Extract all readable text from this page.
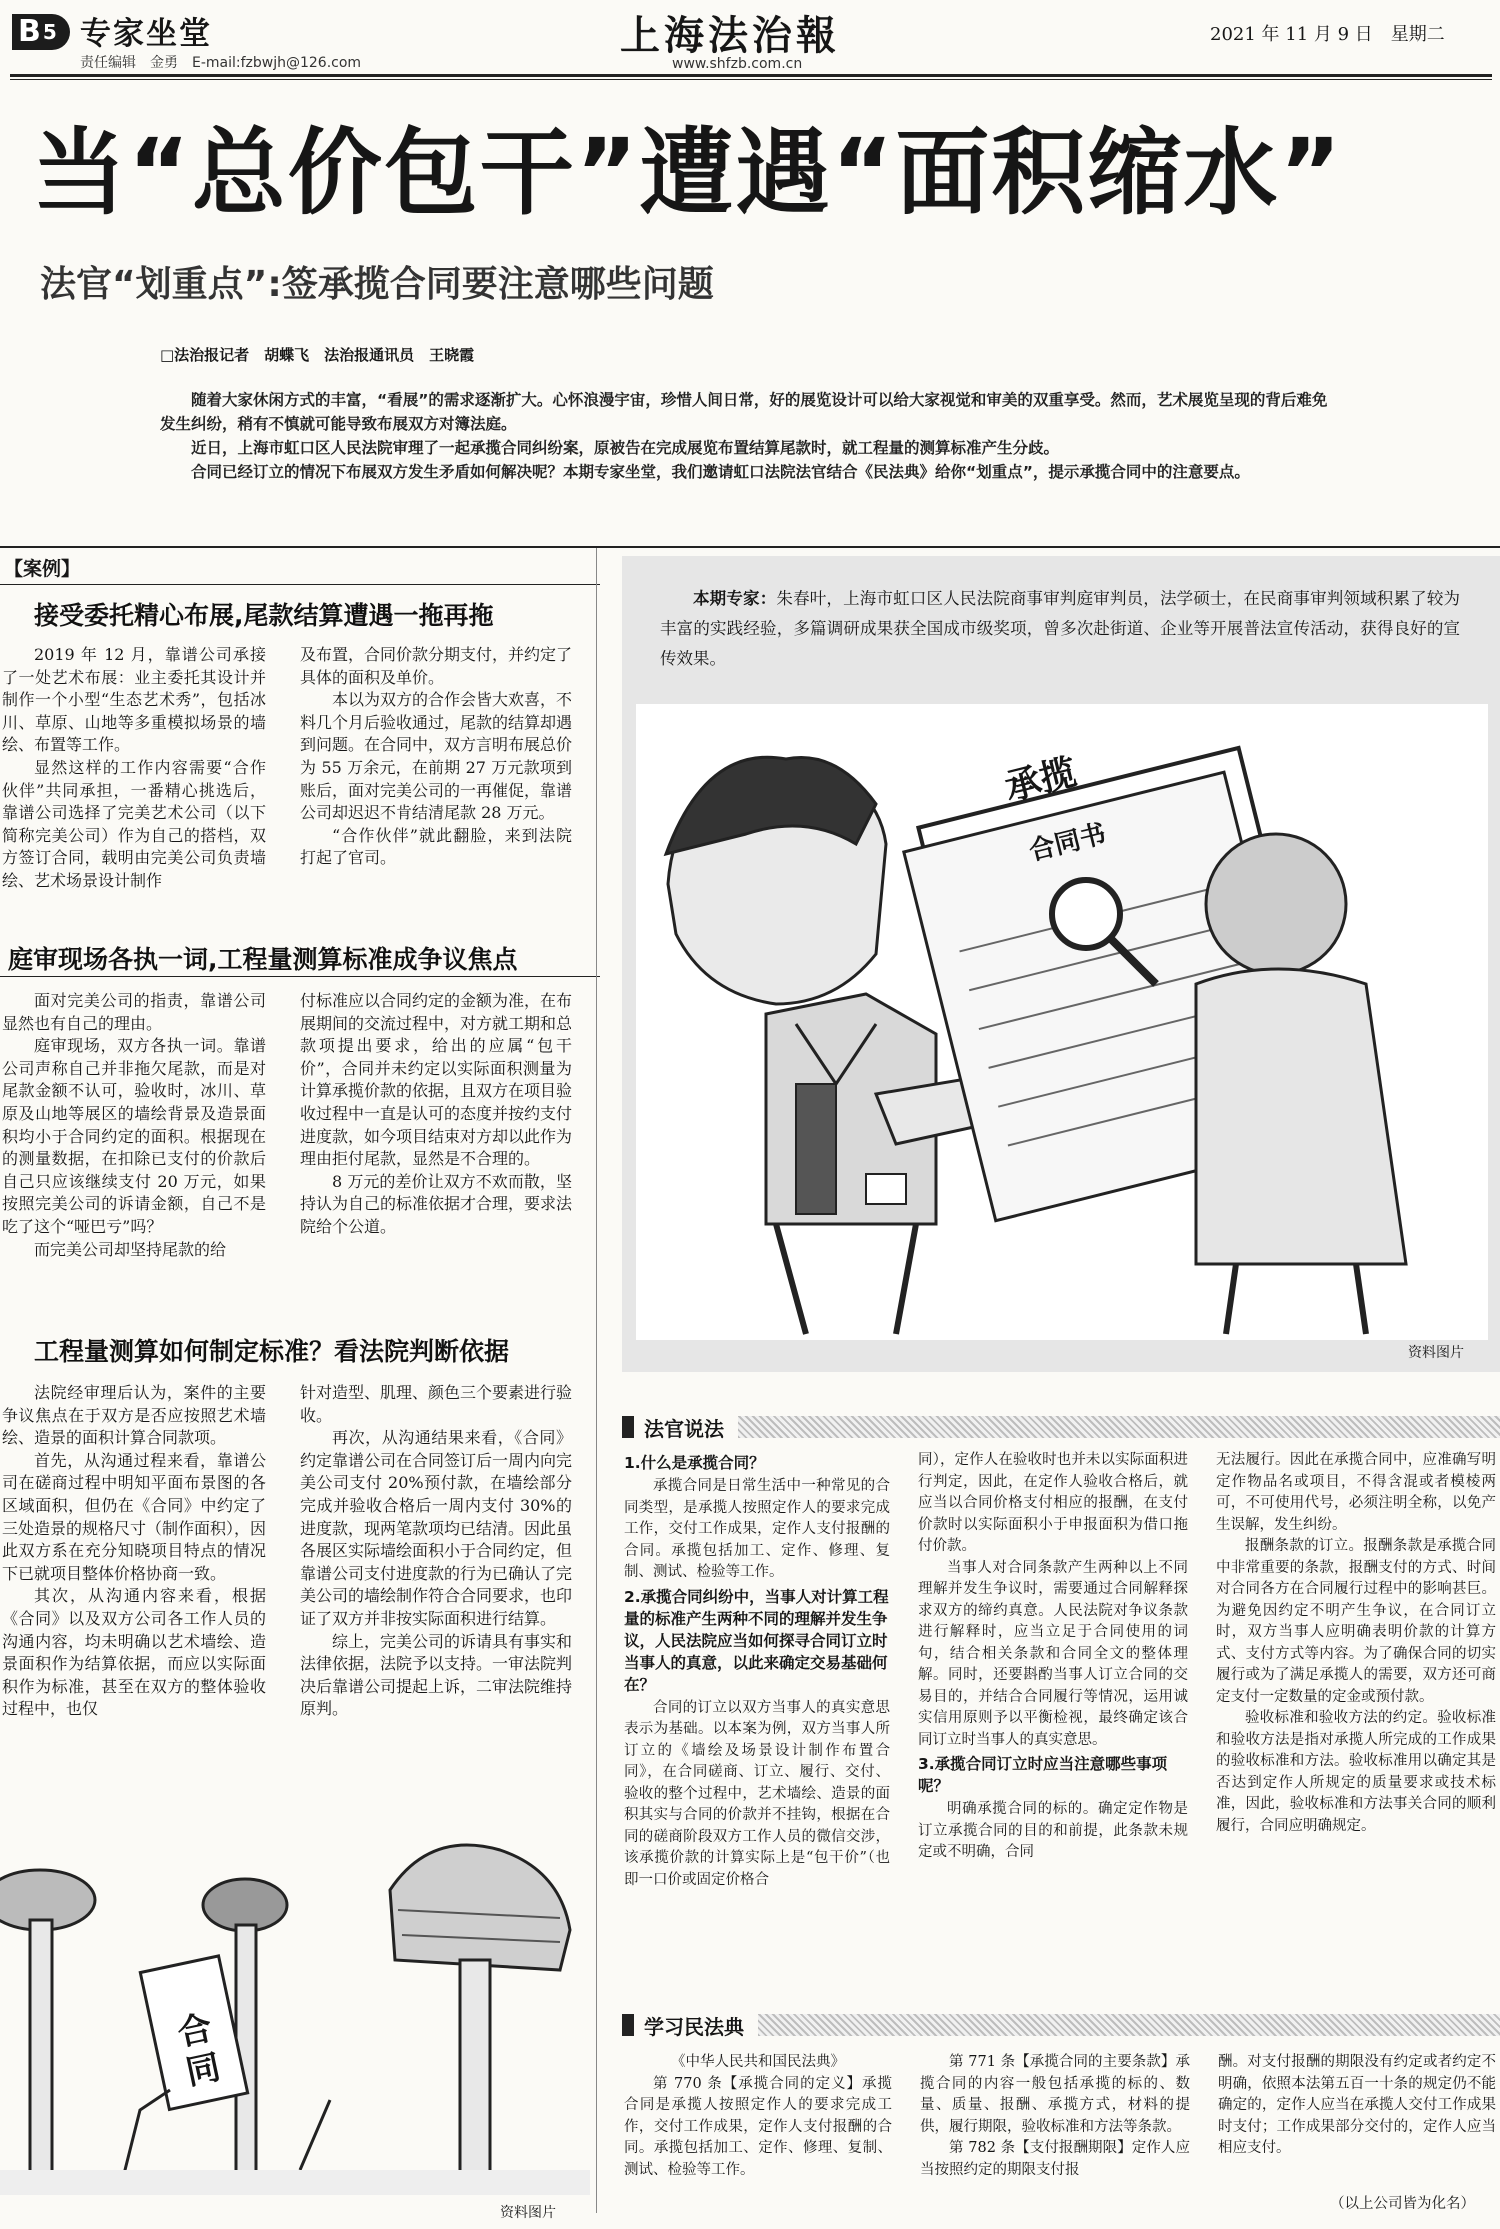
B 5 专家坐堂
责任编辑　金勇　E-mail:fzbwjh@126.com
上海法治報
www.shfzb.com.cn
2021 年 11 月 9 日　星期二
当“总价包干”遭遇“面积缩水”
法官“划重点”:签承揽合同要注意哪些问题
□法治报记者　胡蝶飞　法治报通讯员　王晓霞

随着大家休闲方式的丰富，“看展”的需求逐渐扩大。心怀浪漫宇宙，珍惜人间日常，好的展览设计可以给大家视觉和审美的双重享受。然而，艺术展览呈现的背后难免发生纠纷，稍有不慎就可能导致布展双方对簿法庭。

近日，上海市虹口区人民法院审理了一起承揽合同纠纷案，原被告在完成展览布置结算尾款时，就工程量的测算标准产生分歧。

合同已经订立的情况下布展双方发生矛盾如何解决呢？本期专家坐堂，我们邀请虹口法院法官结合《民法典》给你“划重点”，提示承揽合同中的注意要点。

【案例】
接受委托精心布展,尾款结算遭遇一拖再拖

2019 年 12 月，靠谱公司承接了一处艺术布展：业主委托其设计并制作一个小型“生态艺术秀”，包括冰川、草原、山地等多重模拟场景的墙绘、布置等工作。

显然这样的工作内容需要“合作伙伴”共同承担，一番精心挑选后，靠谱公司选择了完美艺术公司（以下简称完美公司）作为自己的搭档，双方签订合同，载明由完美公司负责墙绘、艺术场景设计制作

及布置，合同价款分期支付，并约定了具体的面积及单价。

本以为双方的合作会皆大欢喜，不料几个月后验收通过，尾款的结算却遇到问题。在合同中，双方言明布展总价为 55 万余元，在前期 27 万元款项到账后，面对完美公司的一再催促，靠谱公司却迟迟不肯结清尾款 28 万元。

“合作伙伴”就此翻脸，来到法院打起了官司。

庭审现场各执一词,工程量测算标准成争议焦点

面对完美公司的指责，靠谱公司显然也有自己的理由。

庭审现场，双方各执一词。靠谱公司声称自己并非拖欠尾款，而是对尾款金额不认可，验收时，冰川、草原及山地等展区的墙绘背景及造景面积均小于合同约定的面积。根据现在的测量数据，在扣除已支付的价款后自己只应该继续支付 20 万元，如果按照完美公司的诉请金额，自己不是吃了这个“哑巴亏”吗？

而完美公司却坚持尾款的给

付标准应以合同约定的金额为准，在布展期间的交流过程中，对方就工期和总款项提出要求，给出的应属“包干价”，合同并未约定以实际面积测量为计算承揽价款的依据，且双方在项目验收过程中一直是认可的态度并按约支付进度款，如今项目结束对方却以此作为理由拒付尾款，显然是不合理的。

8 万元的差价让双方不欢而散，坚持认为自己的标准依据才合理，要求法院给个公道。

工程量测算如何制定标准？看法院判断依据

法院经审理后认为，案件的主要争议焦点在于双方是否应按照艺术墙绘、造景的面积计算合同款项。

首先，从沟通过程来看，靠谱公司在磋商过程中明知平面布景图的各区域面积，但仍在《合同》中约定了三处造景的规格尺寸（制作面积），因此双方系在充分知晓项目特点的情况下已就项目整体价格协商一致。

其次，从沟通内容来看，根据《合同》以及双方公司各工作人员的沟通内容，均未明确以艺术墙绘、造景面积作为结算依据，而应以实际面积作为标准，甚至在双方的整体验收过程中，也仅

针对造型、肌理、颜色三个要素进行验收。

再次，从沟通结果来看，《合同》约定靠谱公司在合同签订后一周内向完美公司支付 20%预付款，在墙绘部分完成并验收合格后一周内支付 30%的进度款，现两笔款项均已结清。因此虽各展区实际墙绘面积小于合同约定，但靠谱公司支付进度款的行为已确认了完美公司的墙绘制作符合合同要求，也印证了双方并非按实际面积进行结算。

综上，完美公司的诉请具有事实和法律依据，法院予以支持。一审法院判决后靠谱公司提起上诉，二审法院维持原判。

合同
资料图片
本期专家：朱春叶，上海市虹口区人民法院商事审判庭审判员，法学硕士，在民商事审判领域积累了较为丰富的实践经验，多篇调研成果获全国成市级奖项，曾多次赴街道、企业等开展普法宣传活动，获得良好的宣传效果。
承揽
合同书
资料图片
法官说法
1.什么是承揽合同？

承揽合同是日常生活中一种常见的合同类型，是承揽人按照定作人的要求完成工作，交付工作成果，定作人支付报酬的合同。承揽包括加工、定作、修理、复制、测试、检验等工作。

2.承揽合同纠纷中，当事人对计算工程量的标准产生两种不同的理解并发生争议，人民法院应当如何探寻合同订立时当事人的真意，以此来确定交易基础何在？

合同的订立以双方当事人的真实意思表示为基础。以本案为例，双方当事人所订立的《墙绘及场景设计制作布置合同》，在合同磋商、订立、履行、交付、验收的整个过程中，艺术墙绘、造景的面积其实与合同的价款并不挂钩，根据在合同的磋商阶段双方工作人员的微信交涉，该承揽价款的计算实际上是“包干价”（也即一口价或固定价格合

同），定作人在验收时也并未以实际面积进行判定，因此，在定作人验收合格后，就应当以合同价格支付相应的报酬，在支付价款时以实际面积小于申报面积为借口拖付价款。

当事人对合同条款产生两种以上不同理解并发生争议时，需要通过合同解释探求双方的缔约真意。人民法院对争议条款进行解释时，应当立足于合同使用的词句，结合相关条款和合同全文的整体理解。同时，还要斟酌当事人订立合同的交易目的，并结合合同履行等情况，运用诚实信用原则予以平衡检视，最终确定该合同订立时当事人的真实意思。

3.承揽合同订立时应当注意哪些事项呢？

明确承揽合同的标的。确定定作物是订立承揽合同的目的和前提，此条款未规定或不明确，合同

无法履行。因此在承揽合同中，应准确写明定作物品名或项目，不得含混或者模棱两可，不可使用代号，必须注明全称，以免产生误解，发生纠纷。

报酬条款的订立。报酬条款是承揽合同中非常重要的条款，报酬支付的方式、时间对合同各方在合同履行过程中的影响甚巨。为避免因约定不明产生争议，在合同订立时，双方当事人应明确表明价款的计算方式、支付方式等内容。为了确保合同的切实履行或为了满足承揽人的需要，双方还可商定支付一定数量的定金或预付款。

验收标准和验收方法的约定。验收标准和验收方法是指对承揽人所完成的工作成果的验收标准和方法。验收标准用以确定其是否达到定作人所规定的质量要求或技术标准，因此，验收标准和方法事关合同的顺利履行，合同应明确规定。

学习民法典

《中华人民共和国民法典》

第 770 条【承揽合同的定义】承揽合同是承揽人按照定作人的要求完成工作，交付工作成果，定作人支付报酬的合同。承揽包括加工、定作、修理、复制、测试、检验等工作。

第 771 条【承揽合同的主要条款】承揽合同的内容一般包括承揽的标的、数量、质量、报酬、承揽方式，材料的提供，履行期限，验收标准和方法等条款。

第 782 条【支付报酬期限】定作人应当按照约定的期限支付报

酬。对支付报酬的期限没有约定或者约定不明确，依照本法第五百一十条的规定仍不能确定的，定作人应当在承揽人交付工作成果时支付；工作成果部分交付的，定作人应当相应支付。

（以上公司皆为化名）
